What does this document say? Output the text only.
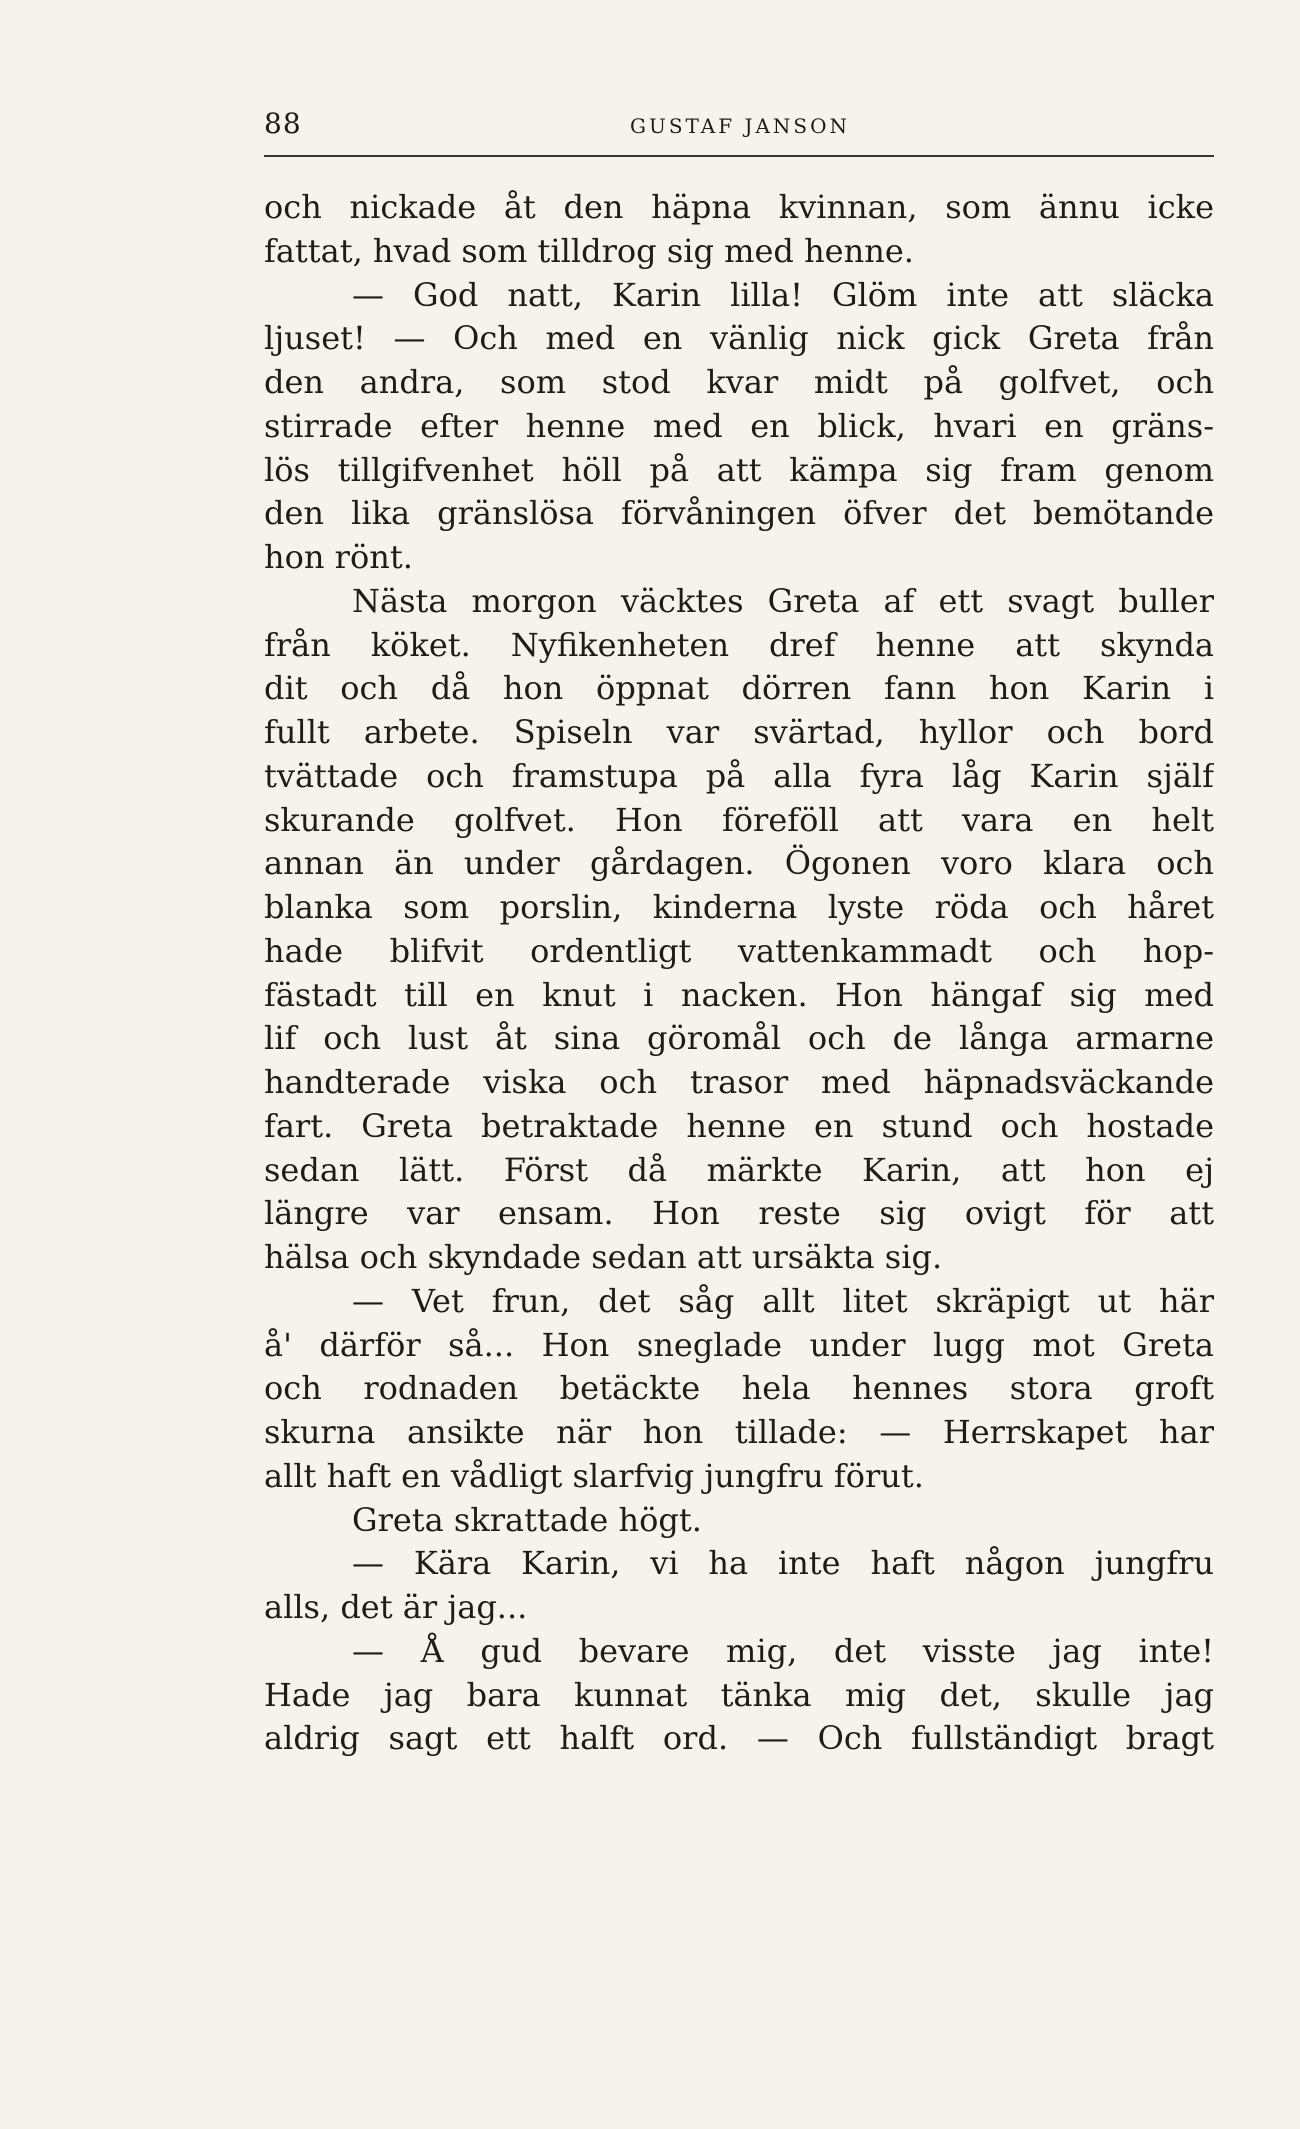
88	GUSTAF JANSON
och nickade åt den häpna kvinnan, som ännu icke
fattat, hvad som tilldrog sig med henne.
— God natt, Karin lilla! Glöm inte att släcka
ljuset! — Och med en vänlig nick gick Greta från
den andra, som stod kvar midt på golfvet, och
stirrade efter henne med en blick, hvari en gräns-
lös tillgifvenhet höll på att kämpa sig fram genom
den lika gränslösa förvåningen öfver det bemötande
hon rönt.
Nästa morgon väcktes Greta af ett svagt buller
från köket. Nyfikenheten dref henne att skynda
dit och då hon öppnat dörren fann hon Karin i
fullt arbete. Spiseln var svärtad, hyllor och bord
tvättade och framstupa på alla fyra låg Karin själf
skurande golfvet. Hon föreföll att vara en helt
annan än under gårdagen. Ögonen voro klara och
blanka som porslin, kinderna lyste röda och håret
hade blifvit ordentligt vattenkammadt och hop-
fästadt till en knut i nacken. Hon hängaf sig med
lif och lust åt sina göromål och de långa armarne
handterade viska och trasor med häpnadsväckande
fart. Greta betraktade henne en stund och hostade
sedan lätt. Först då märkte Karin, att hon ej
längre var ensam. Hon reste sig ovigt för att
hälsa och skyndade sedan att ursäkta sig.
— Vet frun, det såg allt litet skräpigt ut här
å' därför så... Hon sneglade under lugg mot Greta
och rodnaden betäckte hela hennes stora groft
skurna ansikte när hon tillade: — Herrskapet har
allt haft en vådligt slarfvig jungfru förut.
Greta skrattade högt.
— Kära Karin, vi ha inte haft någon jungfru
alls, det är jag...
— Å gud bevare mig, det visste jag inte!
Hade jag bara kunnat tänka mig det, skulle jag
aldrig sagt ett halft ord. — Och fullständigt bragt
